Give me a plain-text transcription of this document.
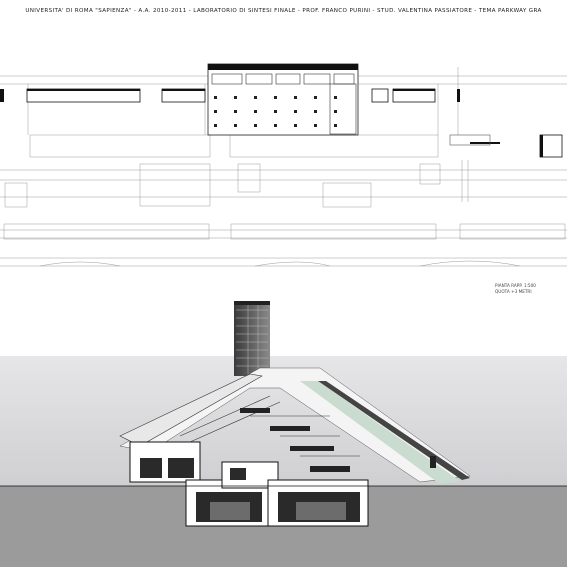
UNIVERSITA' DI ROMA "SAPIENZA" - A.A. 2010-2011 - LABORATORIO DI SINTESI FINALE - PROF. FRANCO PURINI - STUD. VALENTINA PASSIATORE - TEMA PARKWAY GRA
PIANTA RAPP. 1:500
QUOTA +3 METRI
